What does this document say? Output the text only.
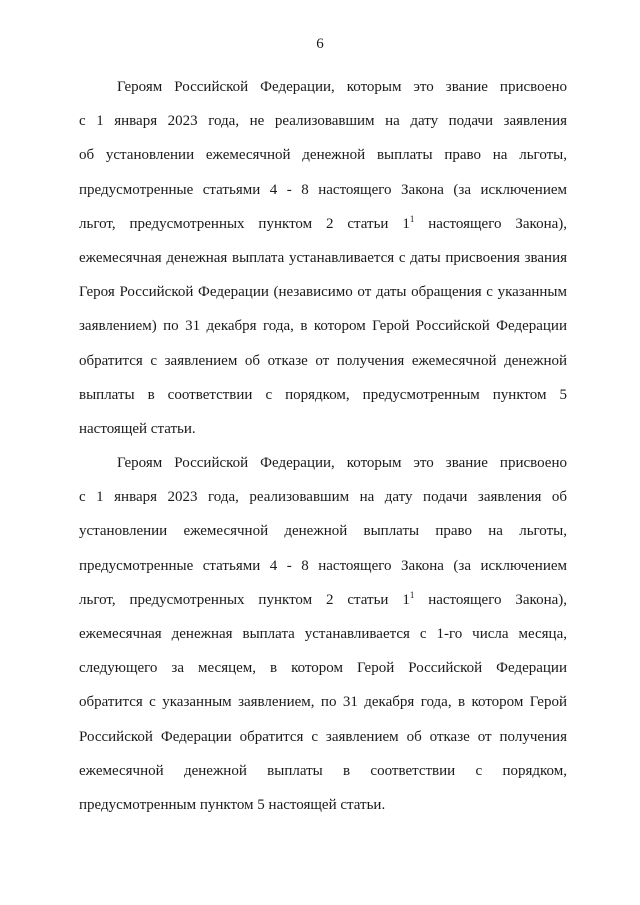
6
Героям Российской Федерации, которым это звание присвоено
с 1 января 2023 года, не реализовавшим на дату подачи заявления
об установлении ежемесячной денежной выплаты право на льготы,
предусмотренные статьями 4 - 8 настоящего Закона (за исключением
льгот, предусмотренных пунктом 2 статьи $1^1$ настоящего Закона),
ежемесячная денежная выплата устанавливается с даты присвоения звания
Героя Российской Федерации (независимо от даты обращения с указанным
заявлением) по 31 декабря года, в котором Герой Российской Федерации
обратится с заявлением об отказе от получения ежемесячной денежной
выплаты в соответствии с порядком, предусмотренным пунктом 5
настоящей статьи.
Героям Российской Федерации, которым это звание присвоено
с 1 января 2023 года, реализовавшим на дату подачи заявления об
установлении ежемесячной денежной выплаты право на льготы,
предусмотренные статьями 4 - 8 настоящего Закона (за исключением
льгот, предусмотренных пунктом 2 статьи $1^1$ настоящего Закона),
ежемесячная денежная выплата устанавливается с 1-го числа месяца,
следующего за месяцем, в котором Герой Российской Федерации
обратится с указанным заявлением, по 31 декабря года, в котором Герой
Российской Федерации обратится с заявлением об отказе от получения
ежемесячной денежной выплаты в соответствии с порядком,
предусмотренным пунктом 5 настоящей статьи.
